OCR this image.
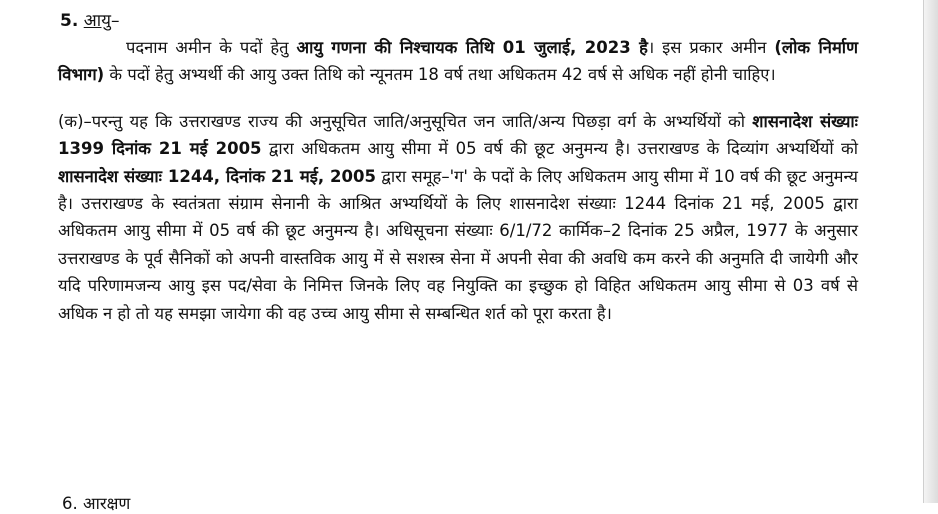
5. आयु–

पदनाम अमीन के पदों हेतु आयु गणना की निश्चायक तिथि 01 जुलाई, 2023 है। इस प्रकार अमीन (लोक निर्माण विभाग) के पदों हेतु अभ्यर्थी की आयु उक्त तिथि को न्यूनतम 18 वर्ष तथा अधिकतम 42 वर्ष से अधिक नहीं होनी चाहिए।

(क)–परन्तु यह कि उत्तराखण्ड राज्य की अनुसूचित जाति/अनुसूचित जन जाति/अन्य पिछड़ा वर्ग के अभ्यर्थियों को शासनादेश संख्याः 1399 दिनांक 21 मई 2005 द्वारा अधिकतम आयु सीमा में 05 वर्ष की छूट अनुमन्य है। उत्तराखण्ड के दिव्यांग अभ्यर्थियों को शासनादेश संख्याः 1244, दिनांक 21 मई, 2005 द्वारा समूह–'ग' के पदों के लिए अधिकतम आयु सीमा में 10 वर्ष की छूट अनुमन्य है। उत्तराखण्ड के स्वतंत्रता संग्राम सेनानी के आश्रित अभ्यर्थियों के लिए शासनादेश संख्याः 1244 दिनांक 21 मई, 2005 द्वारा अधिकतम आयु सीमा में 05 वर्ष की छूट अनुमन्य है। अधिसूचना संख्याः 6/1/72 कार्मिक–2 दिनांक 25 अप्रैल, 1977 के अनुसार उत्तराखण्ड के पूर्व सैनिकों को अपनी वास्तविक आयु में से सशस्त्र सेना में अपनी सेवा की अवधि कम करने की अनुमति दी जायेगी और यदि परिणामजन्य आयु इस पद/सेवा के निमित्त जिनके लिए वह नियुक्ति का इच्छुक हो विहित अधिकतम आयु सीमा से 03 वर्ष से अधिक न हो तो यह समझा जायेगा की वह उच्च आयु सीमा से सम्बन्धित शर्त को पूरा करता है।

6. आरक्षण
